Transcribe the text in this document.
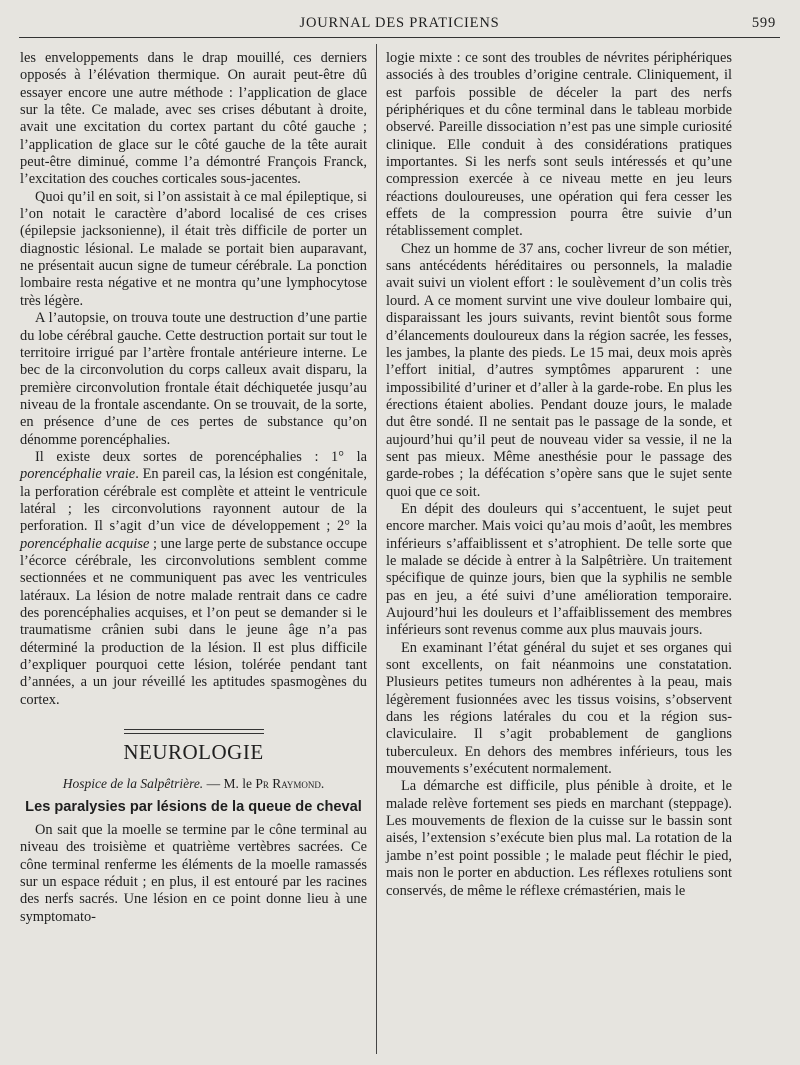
JOURNAL DES PRATICIENS	599

les enveloppements dans le drap mouillé, ces derniers opposés à l’élévation thermique. On aurait peut-être dû essayer encore une autre méthode : l’application de glace sur la tête. Ce malade, avec ses crises débutant à droite, avait une excitation du cortex partant du côté gauche ; l’application de glace sur le côté gauche de la tête aurait peut-être diminué, comme l’a démontré François Franck, l’excitation des couches corticales sous-jacentes.

Quoi qu’il en soit, si l’on assistait à ce mal épileptique, si l’on notait le caractère d’abord localisé de ces crises (épilepsie jacksonienne), il était très difficile de porter un diagnostic lésional. Le malade se portait bien auparavant, ne présentait aucun signe de tumeur cérébrale. La ponction lombaire resta négative et ne montra qu’une lymphocytose très légère.

A l’autopsie, on trouva toute une destruction d’une partie du lobe cérébral gauche. Cette destruction portait sur tout le territoire irrigué par l’artère frontale antérieure interne. Le bec de la circonvolution du corps calleux avait disparu, la première circonvolution frontale était déchiquetée jusqu’au niveau de la frontale ascendante. On se trouvait, de la sorte, en présence d’une de ces pertes de substance qu’on dénomme porencéphalies.

Il existe deux sortes de porencéphalies : 1° la porencéphalie vraie. En pareil cas, la lésion est congénitale, la perforation cérébrale est complète et atteint le ventricule latéral ; les circonvolutions rayonnent autour de la perforation. Il s’agit d’un vice de développement ; 2° la porencéphalie acquise ; une large perte de substance occupe l’écorce cérébrale, les circonvolutions semblent comme sectionnées et ne communiquent pas avec les ventricules latéraux. La lésion de notre malade rentrait dans ce cadre des porencéphalies acquises, et l’on peut se demander si le traumatisme crânien subi dans le jeune âge n’a pas déterminé la production de la lésion. Il est plus difficile d’expliquer pourquoi cette lésion, tolérée pendant tant d’années, a un jour réveillé les aptitudes spasmogènes du cortex.

NEUROLOGIE
Hospice de la Salpêtrière. — M. le Pr Raymond.
Les paralysies par lésions de la queue de cheval

On sait que la moelle se termine par le cône terminal au niveau des troisième et quatrième vertèbres sacrées. Ce cône terminal renferme les éléments de la moelle ramassés sur un espace réduit ; en plus, il est entouré par les racines des nerfs sacrés. Une lésion en ce point donne lieu à une symptomato-

logie mixte : ce sont des troubles de névrites périphériques associés à des troubles d’origine centrale. Cliniquement, il est parfois possible de déceler la part des nerfs périphériques et du cône terminal dans le tableau morbide observé. Pareille dissociation n’est pas une simple curiosité clinique. Elle conduit à des considérations pratiques importantes. Si les nerfs sont seuls intéressés et qu’une compression exercée à ce niveau mette en jeu leurs réactions douloureuses, une opération qui fera cesser les effets de la compression pourra être suivie d’un rétablissement complet.

Chez un homme de 37 ans, cocher livreur de son métier, sans antécédents héréditaires ou personnels, la maladie avait suivi un violent effort : le soulèvement d’un colis très lourd. A ce moment survint une vive douleur lombaire qui, disparaissant les jours suivants, revint bientôt sous forme d’élancements douloureux dans la région sacrée, les fesses, les jambes, la plante des pieds. Le 15 mai, deux mois après l’effort initial, d’autres symptômes apparurent : une impossibilité d’uriner et d’aller à la garde-robe. En plus les érections étaient abolies. Pendant douze jours, le malade dut être sondé. Il ne sentait pas le passage de la sonde, et aujourd’hui qu’il peut de nouveau vider sa vessie, il ne la sent pas mieux. Même anesthésie pour le passage des garde-robes ; la défécation s’opère sans que le sujet sente quoi que ce soit.

En dépit des douleurs qui s’accentuent, le sujet peut encore marcher. Mais voici qu’au mois d’août, les membres inférieurs s’affaiblissent et s’atrophient. De telle sorte que le malade se décide à entrer à la Salpêtrière. Un traitement spécifique de quinze jours, bien que la syphilis ne semble pas en jeu, a été suivi d’une amélioration temporaire. Aujourd’hui les douleurs et l’affaiblissement des membres inférieurs sont revenus comme aux plus mauvais jours.

En examinant l’état général du sujet et ses organes qui sont excellents, on fait néanmoins une constatation. Plusieurs petites tumeurs non adhérentes à la peau, mais légèrement fusionnées avec les tissus voisins, s’observent dans les régions latérales du cou et la région sus-claviculaire. Il s’agit probablement de ganglions tuberculeux. En dehors des membres inférieurs, tous les mouvements s’exécutent normalement.

La démarche est difficile, plus pénible à droite, et le malade relève fortement ses pieds en marchant (steppage). Les mouvements de flexion de la cuisse sur le bassin sont aisés, l’extension s’exécute bien plus mal. La rotation de la jambe n’est point possible ; le malade peut fléchir le pied, mais non le porter en abduction. Les réflexes rotuliens sont conservés, de même le réflexe crémastérien, mais le
